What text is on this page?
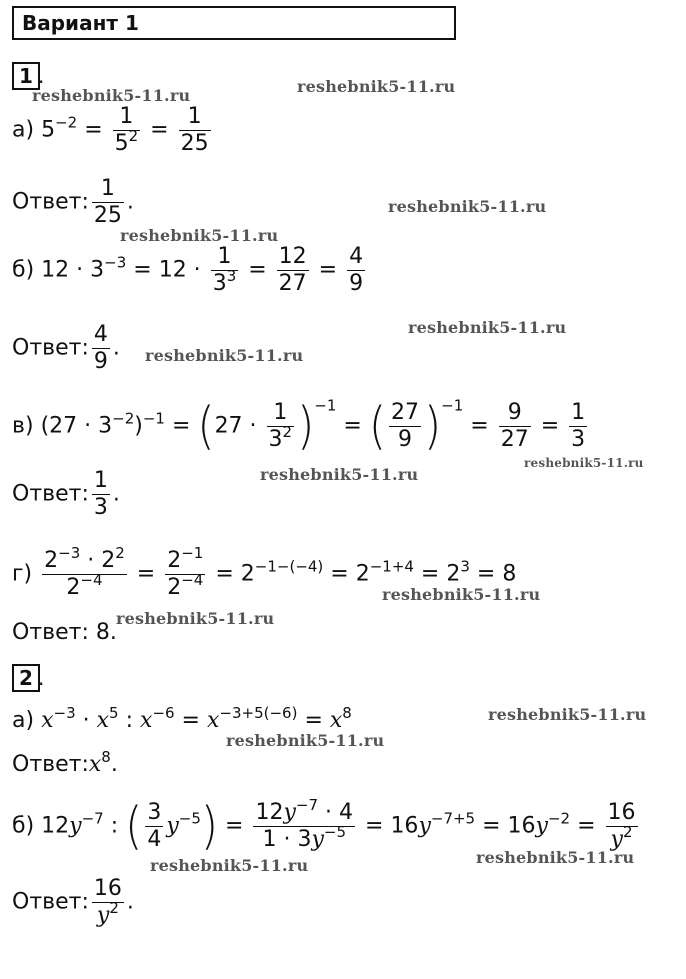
Вариант 1
1 .
reshebnik5-11.ru	reshebnik5-11.ru
reshebnik5-11.ru
reshebnik5-11.ru
reshebnik5-11.ru
reshebnik5-11.ru
reshebnik5-11.ru
reshebnik5-11.ru
reshebnik5-11.ru
reshebnik5-11.ru
reshebnik5-11.ru
reshebnik5-11.ru
reshebnik5-11.ru
reshebnik5-11.ru
а) $5^{-2} = \frac{1}{5^2} = \frac{1}{25}$
Ответ: $\frac{1}{25}$ .
б) $12 \cdot 3^{-3} = 12 \cdot \frac{1}{3^3} = \frac{12}{27} = \frac{4}{9}$
Ответ: $\frac{4}{9}$ .
в) $(27 \cdot 3^{-2})^{-1} = (27 \cdot \frac{1}{3^2} )^{-1}$ = ( $\frac{27}{9} )^{-1} = \frac{9}{27} = \frac{1}{3}$
Ответ: $\frac{1}{3}$ .
$г) \frac{2^{-3} \cdot 2^2}{2^{-4}} = \frac{2^{-1}}{2^{-4}} = 2^{-1-(-4)} = 2^{-1+4} = 2^3 = 8$
Ответ: 8.
2 .
а) $x^{-3} \cdot x^5$ : $x^{-6} = x^{-3+5(-6)} = x^8$
$Ответ:x^8$.
б) $12y^{-7}$ : ( $\frac{3}{4} y^{-5}) = \frac{12y^{-7} \cdot 4}{1 \cdot 3y^{-5}} = 16y^{-7+5} = 16y^{-2} = \frac{16}{y^2}$
Ответ: $\frac{16}{y^2}$ .
